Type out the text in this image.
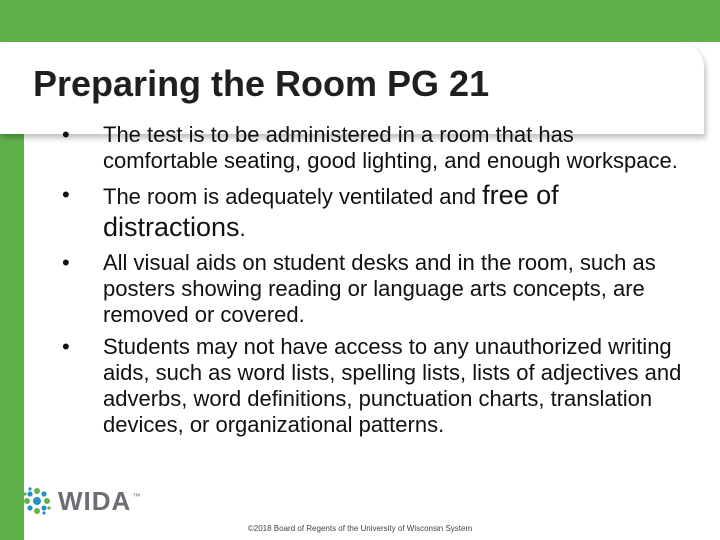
Preparing the Room PG 21
•	The test is to be administered in a room that has comfortable seating, good lighting, and enough workspace.
•	The room is adequately ventilated and free of distractions.
•	All visual aids on student desks and in the room, such as posters showing reading or language arts concepts, are removed or covered.
•	Students may not have access to any unauthorized writing aids, such as word lists, spelling lists, lists of adjectives and adverbs, word definitions, punctuation charts, translation devices, or organizational patterns.
WIDA ™
©2018 Board of Regents of the University of Wisconsin System
